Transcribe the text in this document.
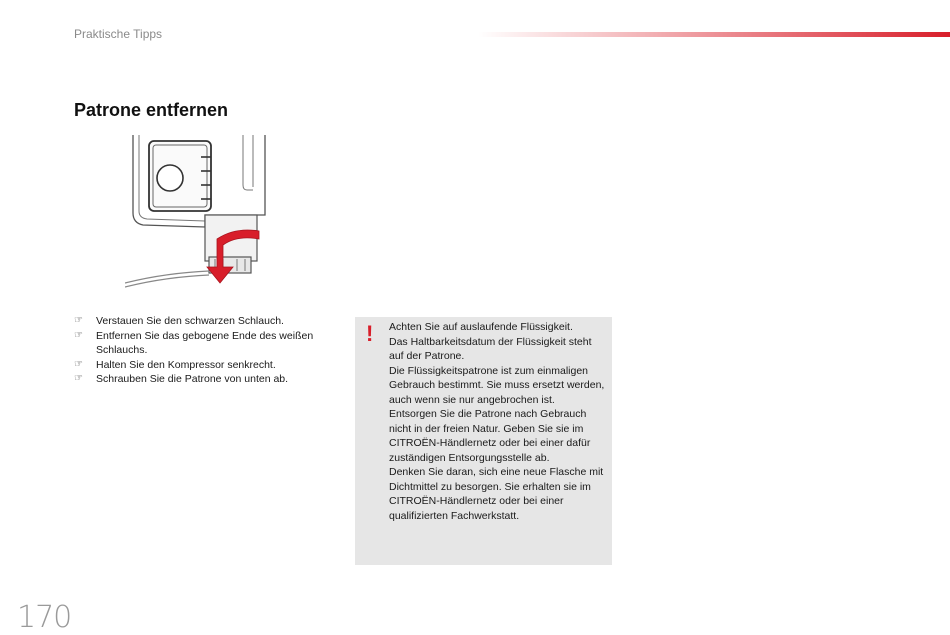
Praktische Tipps
Patrone entfernen
☞ Verstauen Sie den schwarzen Schlauch.
☞ Entfernen Sie das gebogene Ende des weißen Schlauchs.
☞ Halten Sie den Kompressor senkrecht.
☞ Schrauben Sie die Patrone von unten ab.
! Achten Sie auf auslaufende Flüssigkeit.

Das Haltbarkeitsdatum der Flüssigkeit steht auf der Patrone.

Die Flüssigkeitspatrone ist zum einmaligen Gebrauch bestimmt. Sie muss ersetzt werden, auch wenn sie nur angebrochen ist.

Entsorgen Sie die Patrone nach Gebrauch nicht in der freien Natur. Geben Sie sie im CITROËN-Händlernetz oder bei einer dafür zuständigen Entsorgungsstelle ab.

Denken Sie daran, sich eine neue Flasche mit Dichtmittel zu besorgen. Sie erhalten sie im CITROËN-Händlernetz oder bei einer qualifizierten Fachwerkstatt.

170
